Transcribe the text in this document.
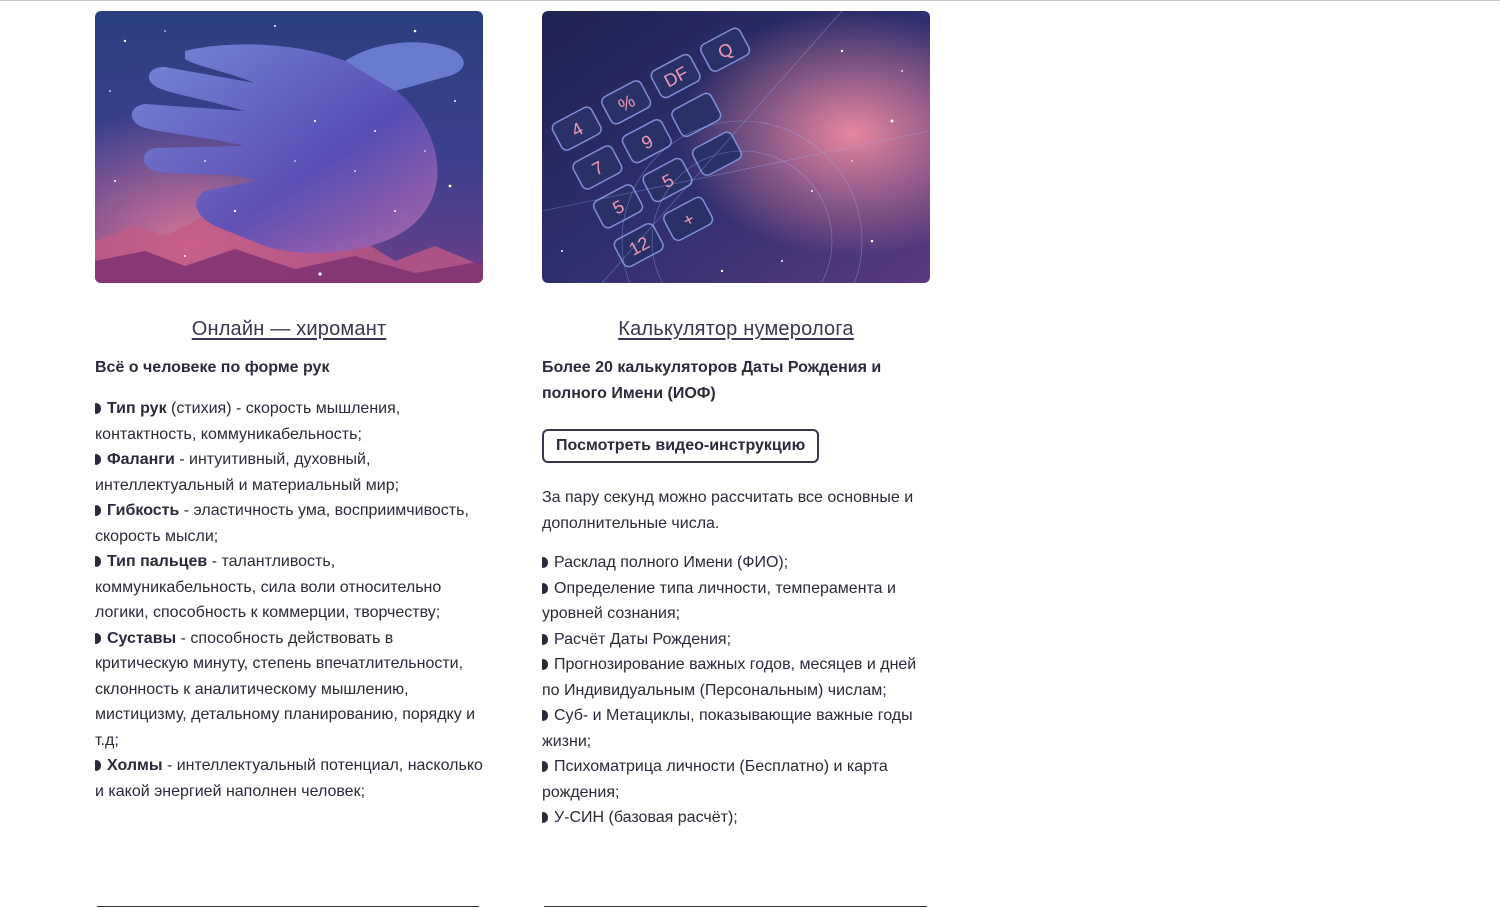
Онлайн — хиромант
Всё о человеке по форме рук
Тип рук (стихия) - скорость мышления, контактность, коммуникабельность;
Фаланги - интуитивный, духовный, интеллектуальный и материальный мир;
Гибкость - эластичность ума, восприимчивость, скорость мысли;
Тип пальцев - талантливость, коммуникабельность, сила воли относительно логики, способность к коммерции, творчеству;
Суставы - способность действовать в критическую минуту, степень впечатлительности, склонность к аналитическому мышлению, мистицизму, детальному планированию, порядку и т.д;
Холмы - интеллектуальный потенциал, насколько и какой энергией наполнен человек;
4
%
DF
Q
7
9
5
5
12
+
Калькулятор нумеролога
Более 20 калькуляторов Даты Рождения и полного Имени (ИОФ)
Посмотреть видео-инструкцию
За пару секунд можно рассчитать все основные и дополнительные числа.
Расклад полного Имени (ФИО);
Определение типа личности, темперамента и уровней сознания;
Расчёт Даты Рождения;
Прогнозирование важных годов, месяцев и дней по Индивидуальным (Персональным) числам;
Суб- и Метациклы, показывающие важные годы жизни;
Психоматрица личности (Бесплатно) и карта рождения;
У-СИН (базовая расчёт);
